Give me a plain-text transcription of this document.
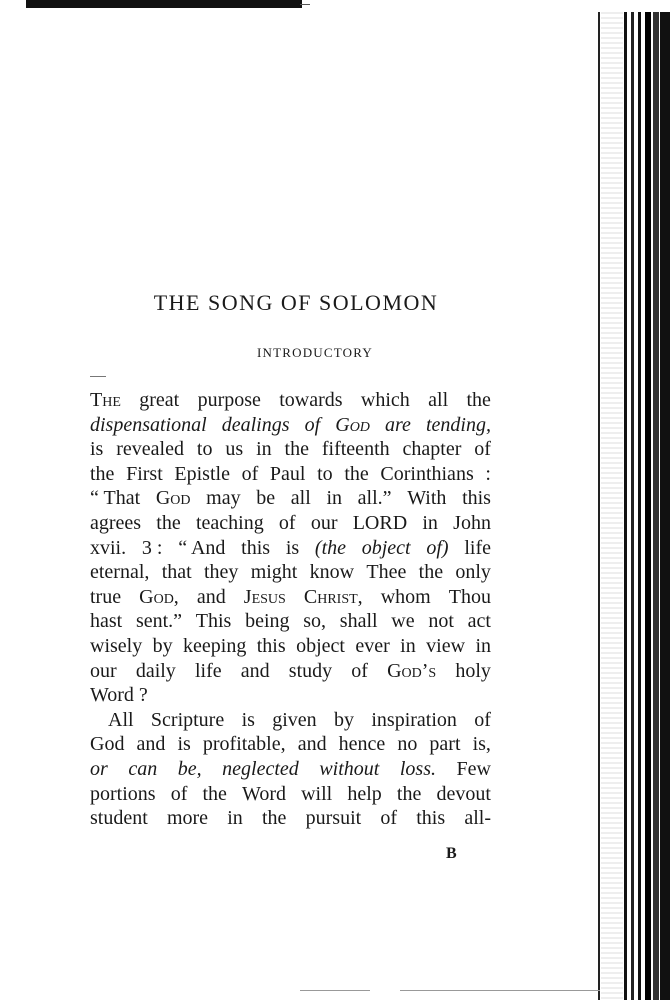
THE SONG OF SOLOMON
INTRODUCTORY
The great purpose towards which all the
dispensational dealings of God are tending,
is revealed to us in the fifteenth chapter of
the First Epistle of Paul to the Corinthians :
“ That God may be all in all.” With this
agrees the teaching of our LORD in John
xvii. 3 : “ And this is (the object of) life
eternal, that they might know Thee the only
true God, and Jesus Christ, whom Thou
hast sent.” This being so, shall we not act
wisely by keeping this object ever in view in
our daily life and study of God’s holy
Word ?
All Scripture is given by inspiration of
God and is profitable, and hence no part is,
or can be, neglected without loss. Few
portions of the Word will help the devout
student more in the pursuit of this all-
B
